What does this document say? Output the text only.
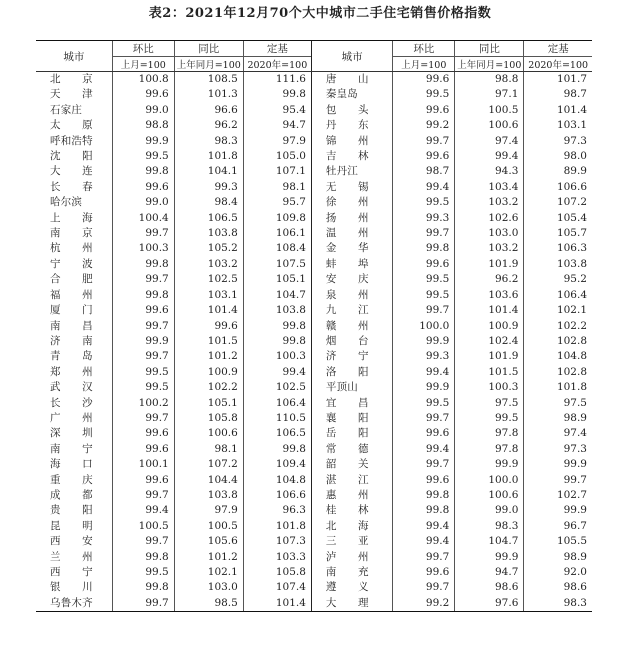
表2：2021年12月70个大中城市二手住宅销售价格指数
城市	环比	同比	定基	城市	环比	同比	定基
	上月=100	上年同月=100	2020年=100		上月=100	上年同月=100	2020年=100
北　　京	100.8	108.5	111.6	唐　　山	99.6	98.8	101.7
天　　津	99.6	101.3	99.8	秦皇岛	99.5	97.1	98.7
石家庄	99.0	96.6	95.4	包　　头	99.6	100.5	101.4
太　　原	98.8	96.2	94.7	丹　　东	99.2	100.6	103.1
呼和浩特	99.9	98.3	97.9	锦　　州	99.7	97.4	97.3
沈　　阳	99.5	101.8	105.0	吉　　林	99.6	99.4	98.0
大　　连	99.8	104.1	107.1	牡丹江	98.7	94.3	89.9
长　　春	99.6	99.3	98.1	无　　锡	99.4	103.4	106.6
哈尔滨	99.0	98.4	95.7	徐　　州	99.5	103.2	107.2
上　　海	100.4	106.5	109.8	扬　　州	99.3	102.6	105.4
南　　京	99.7	103.8	106.1	温　　州	99.7	103.0	105.7
杭　　州	100.3	105.2	108.4	金　　华	99.8	103.2	106.3
宁　　波	99.8	103.2	107.5	蚌　　埠	99.6	101.9	103.8
合　　肥	99.7	102.5	105.1	安　　庆	99.5	96.2	95.2
福　　州	99.8	103.1	104.7	泉　　州	99.5	103.6	106.4
厦　　门	99.6	101.4	103.8	九　　江	99.7	101.4	102.1
南　　昌	99.7	99.6	99.8	赣　　州	100.0	100.9	102.2
济　　南	99.9	101.5	99.8	烟　　台	99.9	102.4	102.8
青　　岛	99.7	101.2	100.3	济　　宁	99.3	101.9	104.8
郑　　州	99.5	100.9	99.4	洛　　阳	99.4	101.5	102.8
武　　汉	99.5	102.2	102.5	平顶山	99.9	100.3	101.8
长　　沙	100.2	105.1	106.4	宜　　昌	99.5	97.5	97.5
广　　州	99.7	105.8	110.5	襄　　阳	99.7	99.5	98.9
深　　圳	99.6	100.6	106.5	岳　　阳	99.6	97.8	97.4
南　　宁	99.6	98.1	99.8	常　　德	99.4	97.8	97.3
海　　口	100.1	107.2	109.4	韶　　关	99.7	99.9	99.9
重　　庆	99.6	104.4	104.8	湛　　江	99.6	100.0	99.7
成　　都	99.7	103.8	106.6	惠　　州	99.8	100.6	102.7
贵　　阳	99.4	97.9	96.3	桂　　林	99.8	99.0	99.9
昆　　明	100.5	100.5	101.8	北　　海	99.4	98.3	96.7
西　　安	99.7	105.6	107.3	三　　亚	99.4	104.7	105.5
兰　　州	99.8	101.2	103.3	泸　　州	99.7	99.9	98.9
西　　宁	99.5	102.1	105.8	南　　充	99.6	94.7	92.0
银　　川	99.8	103.0	107.4	遵　　义	99.7	98.6	98.6
乌鲁木齐	99.7	98.5	101.4	大　　理	99.2	97.6	98.3
